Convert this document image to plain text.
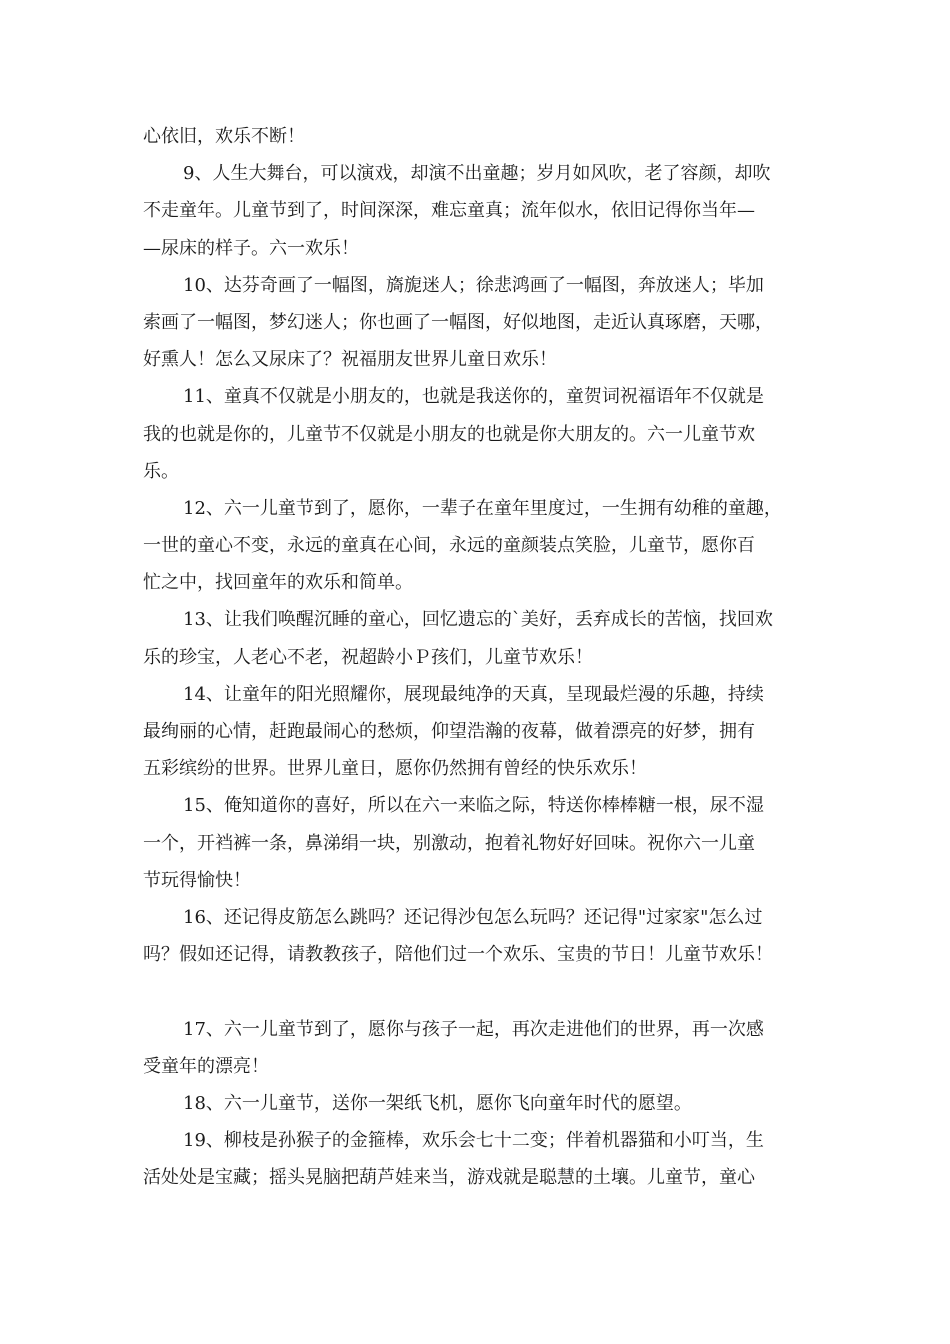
心依旧，欢乐不断！
9、人生大舞台，可以演戏，却演不出童趣；岁月如风吹，老了容颜，却吹
不走童年。儿童节到了，时间深深，难忘童真；流年似水，依旧记得你当年—
—尿床的样子。六一欢乐！
10、达芬奇画了一幅图，旖旎迷人；徐悲鸿画了一幅图，奔放迷人；毕加
索画了一幅图，梦幻迷人；你也画了一幅图，好似地图，走近认真琢磨，天哪，
好熏人！怎么又尿床了？祝福朋友世界儿童日欢乐！
11、童真不仅就是小朋友的，也就是我送你的，童贺词祝福语年不仅就是
我的也就是你的，儿童节不仅就是小朋友的也就是你大朋友的。六一儿童节欢
乐。
12、六一儿童节到了，愿你，一辈子在童年里度过，一生拥有幼稚的童趣，
一世的童心不变，永远的童真在心间，永远的童颜装点笑脸，儿童节，愿你百
忙之中，找回童年的欢乐和简单。
13、让我们唤醒沉睡的童心，回忆遗忘的`美好，丢弃成长的苦恼，找回欢
乐的珍宝，人老心不老，祝超龄小Ｐ孩们，儿童节欢乐！
14、让童年的阳光照耀你，展现最纯净的天真，呈现最烂漫的乐趣，持续
最绚丽的心情，赶跑最闹心的愁烦，仰望浩瀚的夜幕，做着漂亮的好梦，拥有
五彩缤纷的世界。世界儿童日，愿你仍然拥有曾经的快乐欢乐！
15、俺知道你的喜好，所以在六一来临之际，特送你棒棒糖一根，尿不湿
一个，开裆裤一条，鼻涕绢一块，别激动，抱着礼物好好回味。祝你六一儿童
节玩得愉快！
16、还记得皮筋怎么跳吗？还记得沙包怎么玩吗？还记得"过家家"怎么过
吗？假如还记得，请教教孩子，陪他们过一个欢乐、宝贵的节日！儿童节欢乐！
17、六一儿童节到了，愿你与孩子一起，再次走进他们的世界，再一次感
受童年的漂亮！
18、六一儿童节，送你一架纸飞机，愿你飞向童年时代的愿望。
19、柳枝是孙猴子的金箍棒，欢乐会七十二变；伴着机器猫和小叮当，生
活处处是宝藏；摇头晃脑把葫芦娃来当，游戏就是聪慧的土壤。儿童节，童心
